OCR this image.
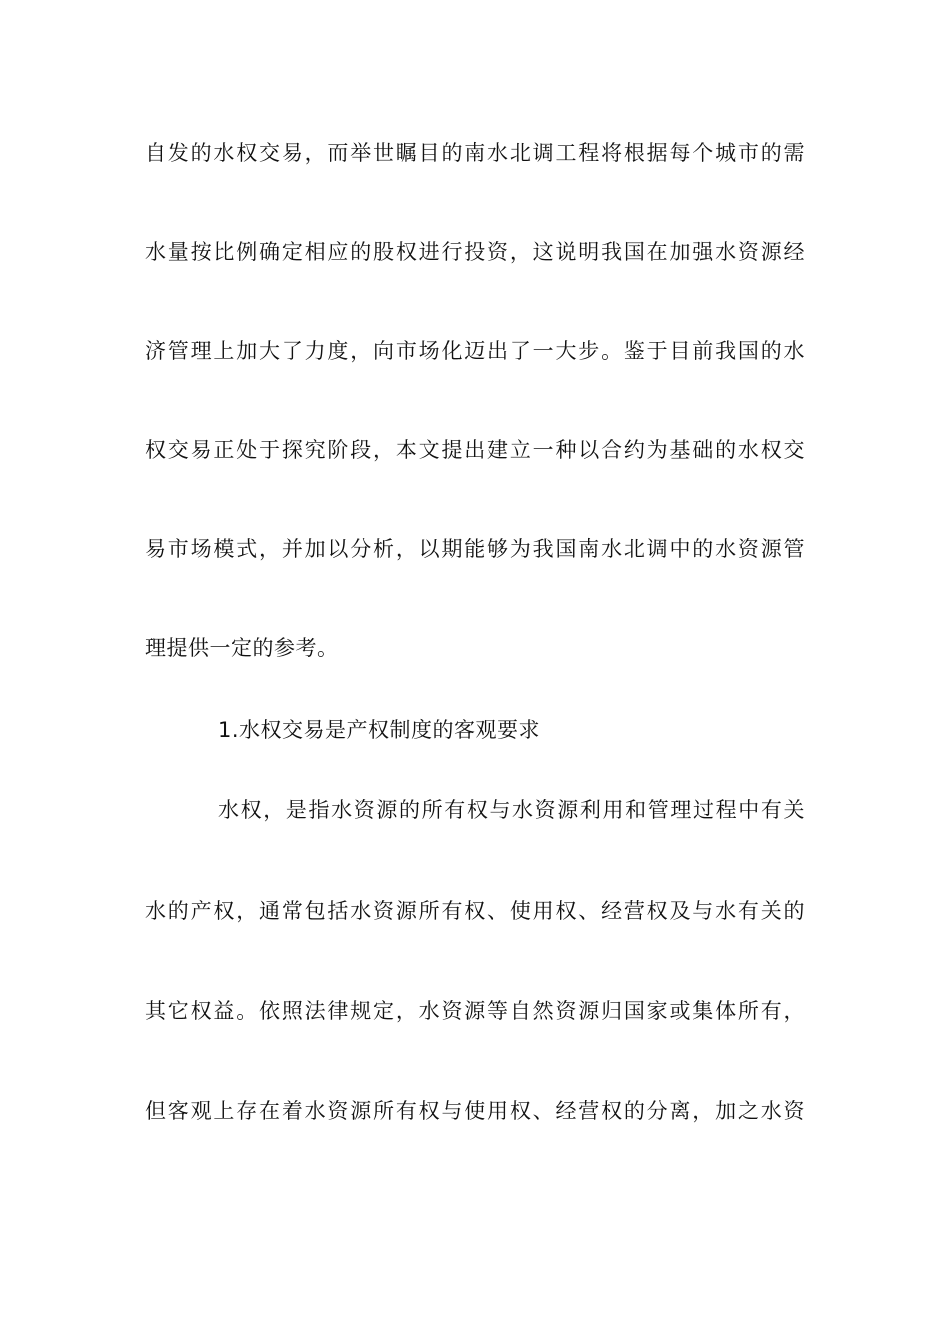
自发的水权交易，而举世瞩目的南水北调工程将根据每个城市的需
水量按比例确定相应的股权进行投资，这说明我国在加强水资源经
济管理上加大了力度，向市场化迈出了一大步。鉴于目前我国的水
权交易正处于探究阶段，本文提出建立一种以合约为基础的水权交
易市场模式，并加以分析，以期能够为我国南水北调中的水资源管
理提供一定的参考。
1.水权交易是产权制度的客观要求
水权，是指水资源的所有权与水资源利用和管理过程中有关
水的产权，通常包括水资源所有权、使用权、经营权及与水有关的
其它权益。依照法律规定，水资源等自然资源归国家或集体所有，
但客观上存在着水资源所有权与使用权、经营权的分离，加之水资
